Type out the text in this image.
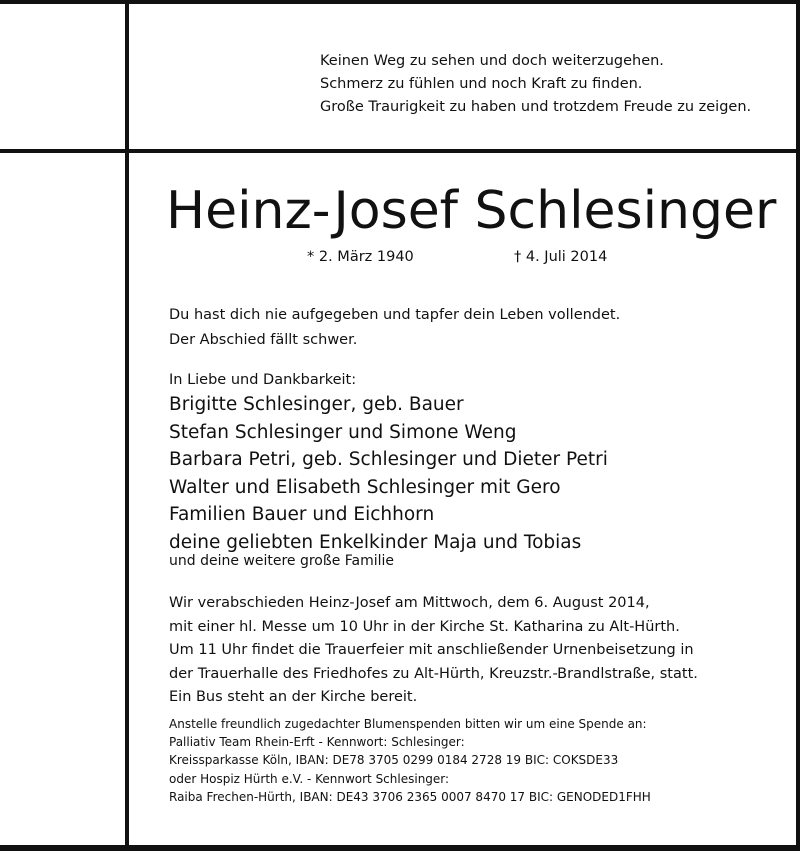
Keinen Weg zu sehen und doch weiterzugehen.
Schmerz zu fühlen und noch Kraft zu finden.
Große Traurigkeit zu haben und trotzdem Freude zu zeigen.
Heinz-Josef Schlesinger
* 2. März 1940	† 4. Juli 2014
Du hast dich nie aufgegeben und tapfer dein Leben vollendet.
Der Abschied fällt schwer.
In Liebe und Dankbarkeit:
Brigitte Schlesinger, geb. Bauer
Stefan Schlesinger und Simone Weng
Barbara Petri, geb. Schlesinger und Dieter Petri
Walter und Elisabeth Schlesinger mit Gero
Familien Bauer und Eichhorn
deine geliebten Enkelkinder Maja und Tobias
und deine weitere große Familie
Wir verabschieden Heinz-Josef am Mittwoch, dem 6. August 2014,
mit einer hl. Messe um 10 Uhr in der Kirche St. Katharina zu Alt-Hürth.
Um 11 Uhr findet die Trauerfeier mit anschließender Urnenbeisetzung in
der Trauerhalle des Friedhofes zu Alt-Hürth, Kreuzstr.-Brandlstraße, statt.
Ein Bus steht an der Kirche bereit.
Anstelle freundlich zugedachter Blumenspenden bitten wir um eine Spende an:
Palliativ Team Rhein-Erft - Kennwort: Schlesinger:
Kreissparkasse Köln, IBAN: DE78 3705 0299 0184 2728 19 BIC: COKSDE33
oder Hospiz Hürth e.V. - Kennwort Schlesinger:
Raiba Frechen-Hürth, IBAN: DE43 3706 2365 0007 8470 17 BIC: GENODED1FHH
